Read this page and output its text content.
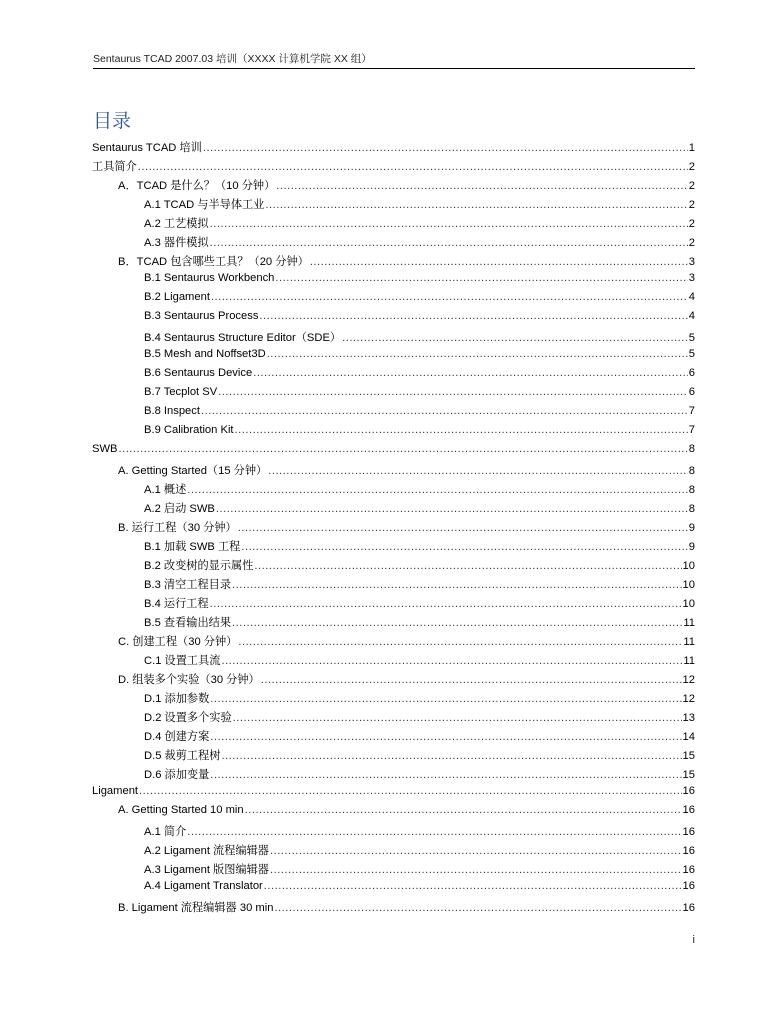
Sentaurus TCAD 2007.03 培训（XXXX 计算机学院 XX 组）
目录
Sentaurus TCAD 培训 .....	1
工具简介 .....	2
A．TCAD 是什么？（10 分钟） .....	2
A.1 TCAD 与半导体工业 .....	2
A.2 工艺模拟 .....	2
A.3 器件模拟 .....	2
B．TCAD 包含哪些工具？（20 分钟） .....	3
B.1 Sentaurus Workbench .....	3
B.2 Ligament .....	4
B.3 Sentaurus Process .....	4
B.4 Sentaurus Structure Editor（SDE） .....	5
B.5 Mesh and Noffset3D .....	5
B.6 Sentaurus Device .....	6
B.7 Tecplot SV .....	6
B.8 Inspect .....	7
B.9 Calibration Kit .....	7
SWB .....	8
A. Getting Started（15 分钟） .....	8
A.1 概述 .....	8
A.2 启动 SWB .....	8
B. 运行工程（30 分钟） .....	9
B.1 加载 SWB 工程 .....	9
B.2 改变树的显示属性 .....	10
B.3 清空工程目录 .....	10
B.4 运行工程 .....	10
B.5 查看输出结果 .....	11
C. 创建工程（30 分钟） .....	11
C.1 设置工具流 .....	11
D. 组装多个实验（30 分钟） .....	12
D.1 添加参数 .....	12
D.2 设置多个实验 .....	13
D.4 创建方案 .....	14
D.5 裁剪工程树 .....	15
D.6 添加变量 .....	15
Ligament .....	16
A. Getting Started 10 min .....	16
A.1 简介 .....	16
A.2 Ligament 流程编辑器 .....	16
A.3 Ligament 版图编辑器 .....	16
A.4 Ligament Translator .....	16
B. Ligament 流程编辑器 30 min .....	16
i
